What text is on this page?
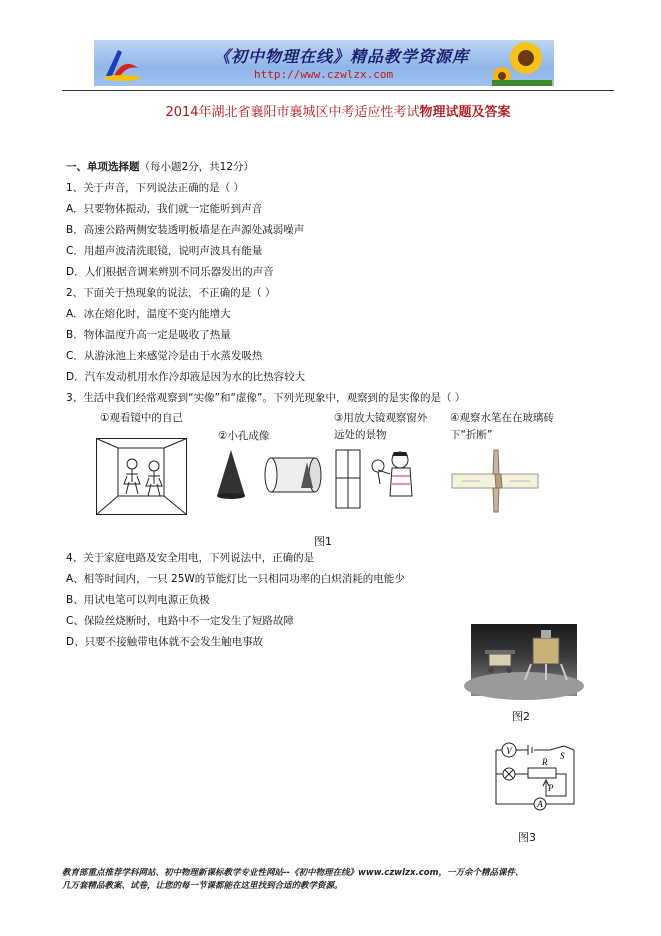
《初中物理在线》精品教学资源库
http://www.czwlzx.com
2014年湖北省襄阳市襄城区中考适应性考试物理试题及答案
一、单项选择题（每小题2分，共12分）
1、关于声音，下列说法正确的是（ ）
A．只要物体振动，我们就一定能听到声音
B．高速公路两侧安装透明板墙是在声源处减弱噪声
C．用超声波清洗眼镜，说明声波具有能量
D．人们根据音调来辨别不同乐器发出的声音
2、下面关于热现象的说法，不正确的是（ ）
A．冰在熔化时，温度不变内能增大
B．物体温度升高一定是吸收了热量
C．从游泳池上来感觉冷是由于水蒸发吸热
D．汽车发动机用水作冷却液是因为水的比热容较大
3、生活中我们经常观察到“实像”和“虚像”。下列光现象中，观察到的是实像的是（ ）
①观看镜中的自己
②小孔成像
③用放大镜观察窗外
远处的景物
④观察水笔在在玻璃砖
下“折断”
图1
4、关于家庭电路及安全用电，下列说法中，正确的是
A、相等时间内，一只 25W的节能灯比一只相同功率的白炽消耗的电能少
B、用试电笔可以判电源正负极
C、保险丝烧断时，电路中不一定发生了短路故障
D、只要不接触带电体就不会发生触电事故
图2
V	S
R
P
A
图3
教育部重点推荐学科网站、初中物理新课标教学专业性网站--《初中物理在线》www.czwlzx.com，一万余个精品课件、
几万套精品教案、试卷，让您的每一节课都能在这里找到合适的教学资源。
